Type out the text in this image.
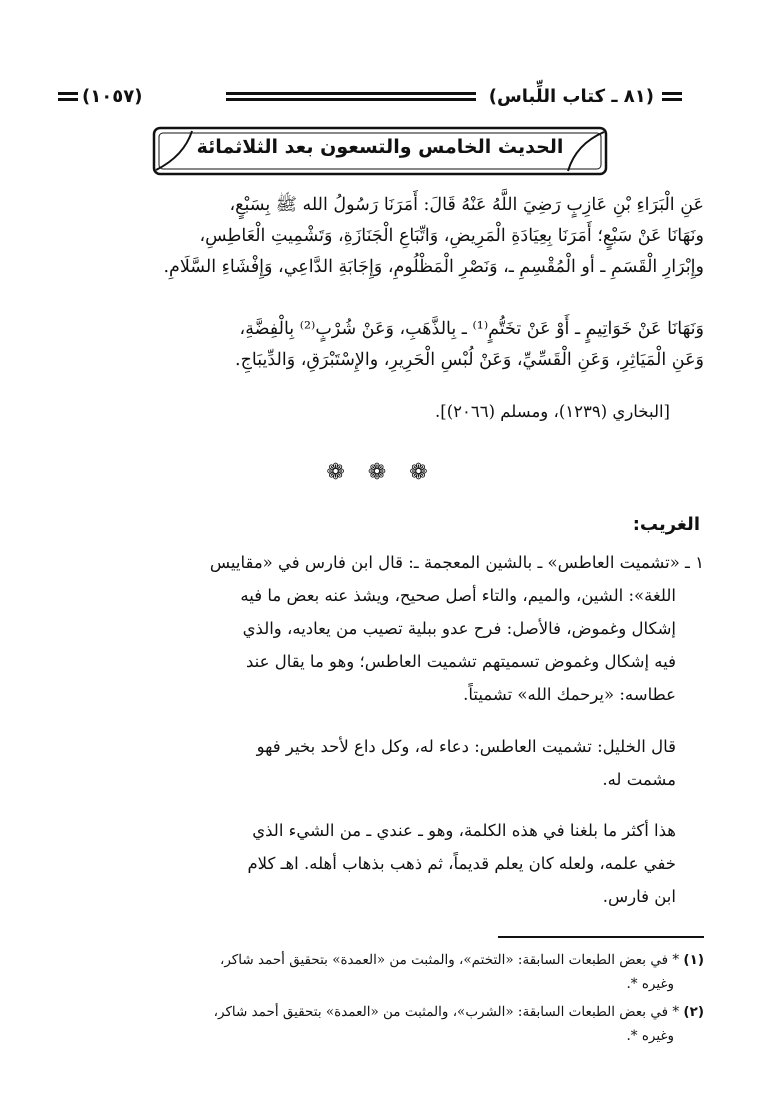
(٨١ ـ كتاب اللِّباس)
(١٠٥٧)
الحديث الخامس والتسعون بعد الثلاثمائة
عَنِ الْبَرَاءِ بْنِ عَازِبٍ رَضِيَ اللَّهُ عَنْهُ قَالَ: أَمَرَنَا رَسُولُ الله ﷺ بِسَبْعٍ،
ونَهَانَا عَنْ سَبْعٍ؛ أَمَرَنَا بِعِيَادَةِ الْمَرِيضِ، وَاتِّبَاعِ الْجَنَازَةِ، وَتَشْمِيتِ الْعَاطِسِ،
وإِبْرَارِ الْقَسَمِ ـ أو الْمُقْسِمِ ـ، وَنَصْرِ الْمَظْلُومِ، وَإِجَابَةِ الدَّاعِي، وَإِفْشَاءِ السَّلَامِ.
وَنَهَانَا عَنْ خَوَاتِيمٍ ـ أَوْ عَنْ تخَتُّمٍ⁽¹⁾ ـ بِالذَّهَبِ، وَعَنْ شُرْبٍ⁽²⁾ بِالْفِضَّةِ،
وَعَنِ الْمَيَاثِرِ، وَعَنِ الْقَسِّيِّ، وَعَنْ لُبْسِ الْحَرِيرِ، والإِسْتَبْرَقِ، وَالدِّيبَاجِ.
[البخاري (١٢٣٩)، ومسلم (٢٠٦٦)].
❁ ❁ ❁
الغريب:
١ ـ «تشميت العاطس» ـ بالشين المعجمة ـ: قال ابن فارس في «مقاييس
اللغة»: الشين، والميم، والتاء أصل صحيح، ويشذ عنه بعض ما فيه
إشكال وغموض، فالأصل: فرح عدو ببلية تصيب من يعاديه، والذي
فيه إشكال وغموض تسميتهم تشميت العاطس؛ وهو ما يقال عند
عطاسه: «يرحمك الله» تشميتاً.
قال الخليل: تشميت العاطس: دعاء له، وكل داع لأحد بخير فهو
مشمت له.
هذا أكثر ما بلغنا في هذه الكلمة، وهو ـ عندي ـ من الشيء الذي
خفي علمه، ولعله كان يعلم قديماً، ثم ذهب بذهاب أهله. اهـ كلام
ابن فارس.
(١) * في بعض الطبعات السابقة: «التختم»، والمثبت من «العمدة» بتحقيق أحمد شاكر،
وغيره *.
(٢) * في بعض الطبعات السابقة: «الشرب»، والمثبت من «العمدة» بتحقيق أحمد شاكر،
وغيره *.
